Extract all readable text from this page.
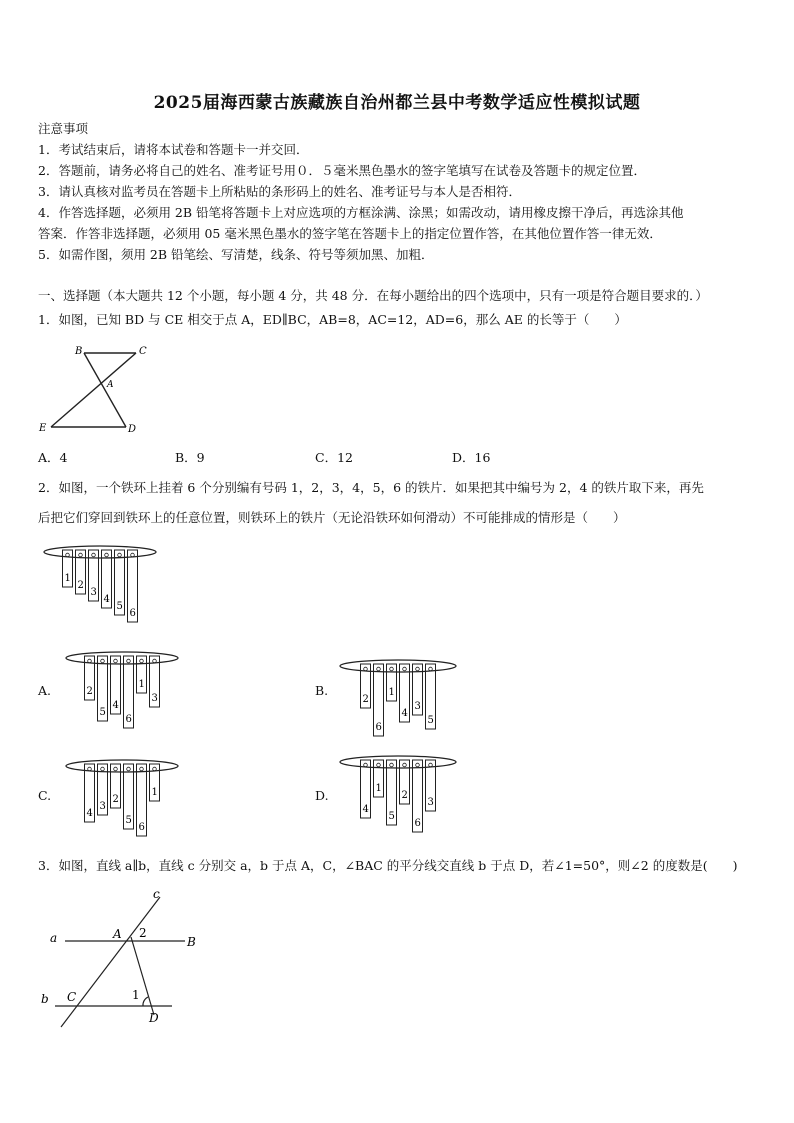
2025届海西蒙古族藏族自治州都兰县中考数学适应性模拟试题
注意事项
1．考试结束后，请将本试卷和答题卡一并交回．
2．答题前，请务必将自己的姓名、准考证号用０．５毫米黑色墨水的签字笔填写在试卷及答题卡的规定位置．
3．请认真核对监考员在答题卡上所粘贴的条形码上的姓名、准考证号与本人是否相符．
4．作答选择题，必须用 2B 铅笔将答题卡上对应选项的方框涂满、涂黑；如需改动，请用橡皮擦干净后，再选涂其他
答案．作答非选择题，必须用 05 毫米黑色墨水的签字笔在答题卡上的指定位置作答，在其他位置作答一律无效．
5．如需作图，须用 2B 铅笔绘、写清楚，线条、符号等须加黑、加粗．
一、选择题（本大题共 12 个小题，每小题 4 分，共 48 分．在每小题给出的四个选项中，只有一项是符合题目要求的．）
1．如图，已知 BD 与 CE 相交于点 A，ED∥BC，AB=8，AC=12，AD=6，那么 AE 的长等于（　　）
B	C
A
E	D
A．4	B．9	C．12	D．16
2．如图，一个铁环上挂着 6 个分别编有号码 1，2，3，4，5，6 的铁片．如果把其中编号为 2，4 的铁片取下来，再先
后把它们穿回到铁环上的任意位置，则铁环上的铁片（无论沿铁环如何滑动）不可能排成的情形是（　　）
1
2
3
4
5
6
A.	2
5
4
6
1
3
B.
2
6
1
4
3
5
C.
4
3
2
5
6
1	D.
4
1
5
2
6
3
3．如图，直线 a∥b，直线 c 分别交 a，b 于点 A，C，∠BAC 的平分线交直线 b 于点 D，若∠1=50°，则∠2 的度数是(　　)
c
a	A 2
B
b C	1
D
